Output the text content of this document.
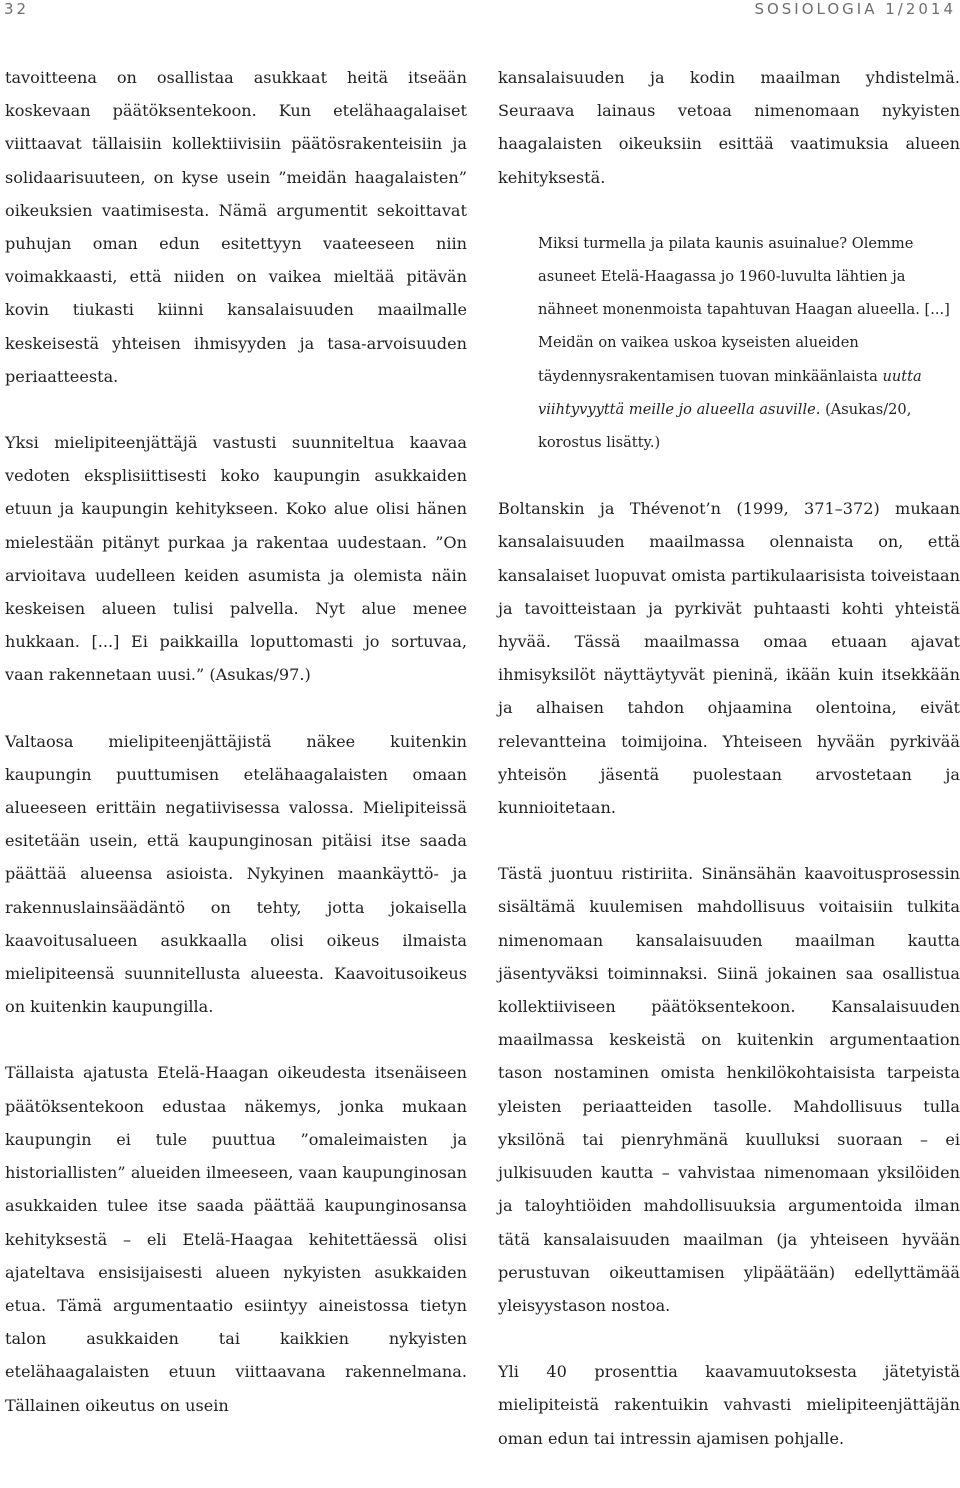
32	SOSIOLOGIA 1/2014

tavoitteena on osallistaa asukkaat heitä itseään koskevaan päätöksentekoon. Kun etelähaagalaiset viittaavat tällaisiin kollektiivisiin päätösrakenteisiin ja solidaarisuuteen, on kyse usein ”meidän haagalaisten” oikeuksien vaatimisesta. Nämä argumentit sekoittavat puhujan oman edun esitettyyn vaateeseen niin voimakkaasti, että niiden on vaikea mieltää pitävän kovin tiukasti kiinni kansalaisuuden maailmalle keskeisestä yhteisen ihmisyyden ja tasa-arvoisuuden periaatteesta.

Yksi mielipiteenjättäjä vastusti suunniteltua kaavaa vedoten eksplisiittisesti koko kaupungin asukkaiden etuun ja kaupungin kehitykseen. Koko alue olisi hänen mielestään pitänyt purkaa ja rakentaa uudestaan. ”On arvioitava uudelleen keiden asumista ja olemista näin keskeisen alueen tulisi palvella. Nyt alue menee hukkaan. [...] Ei paikkailla loputtomasti jo sortuvaa, vaan rakennetaan uusi.” (Asukas/97.)

Valtaosa mielipiteenjättäjistä näkee kuitenkin kaupungin puuttumisen etelähaagalaisten omaan alueeseen erittäin negatiivisessa valossa. Mielipiteissä esitetään usein, että kaupunginosan pitäisi itse saada päättää alueensa asioista. Nykyinen maankäyttö- ja rakennuslainsäädäntö on tehty, jotta jokaisella kaavoitusalueen asukkaalla olisi oikeus ilmaista mielipiteensä suunnitellusta alueesta. Kaavoitusoikeus on kuitenkin kaupungilla.

Tällaista ajatusta Etelä-Haagan oikeudesta itsenäiseen päätöksentekoon edustaa näkemys, jonka mukaan kaupungin ei tule puuttua ”omaleimaisten ja historiallisten” alueiden ilmeeseen, vaan kaupunginosan asukkaiden tulee itse saada päättää kaupunginosansa kehityksestä – eli Etelä-Haagaa kehitettäessä olisi ajateltava ensisijaisesti alueen nykyisten asukkaiden etua. Tämä argumentaatio esiintyy aineistossa tietyn talon asukkaiden tai kaikkien nykyisten etelähaagalaisten etuun viittaavana rakennelmana. Tällainen oikeutus on usein

kansalaisuuden ja kodin maailman yhdistelmä. Seuraava lainaus vetoaa nimenomaan nykyisten haagalaisten oikeuksiin esittää vaatimuksia alueen kehityksestä.

Miksi turmella ja pilata kaunis asuinalue? Olemme asuneet Etelä-Haagassa jo 1960-luvulta lähtien ja nähneet monenmoista tapahtuvan Haagan alueella. [...] Meidän on vaikea uskoa kyseisten alueiden täydennysrakentamisen tuovan minkäänlaista uutta viihtyvyyttä meille jo alueella asuville. (Asukas/20, korostus lisätty.)

Boltanskin ja Thévenot’n (1999, 371–372) mukaan kansalaisuuden maailmassa olennaista on, että kansalaiset luopuvat omista partikulaarisista toiveistaan ja tavoitteistaan ja pyrkivät puhtaasti kohti yhteistä hyvää. Tässä maailmassa omaa etuaan ajavat ihmisyksilöt näyttäytyvät pieninä, ikään kuin itsekkään ja alhaisen tahdon ohjaamina olentoina, eivät relevantteina toimijoina. Yhteiseen hyvään pyrkivää yhteisön jäsentä puolestaan arvostetaan ja kunnioitetaan.

Tästä juontuu ristiriita. Sinänsähän kaavoitusprosessin sisältämä kuulemisen mahdollisuus voitaisiin tulkita nimenomaan kansalaisuuden maailman kautta jäsentyväksi toiminnaksi. Siinä jokainen saa osallistua kollektiiviseen päätöksentekoon. Kansalaisuuden maailmassa keskeistä on kuitenkin argumentaation tason nostaminen omista henkilökohtaisista tarpeista yleisten periaatteiden tasolle. Mahdollisuus tulla yksilönä tai pienryhmänä kuulluksi suoraan – ei julkisuuden kautta – vahvistaa nimenomaan yksilöiden ja taloyhtiöiden mahdollisuuksia argumentoida ilman tätä kansalaisuuden maailman (ja yhteiseen hyvään perustuvan oikeuttamisen ylipäätään) edellyttämää yleisyystason nostoa.

Yli 40 prosenttia kaavamuutoksesta jätetyistä mielipiteistä rakentuikin vahvasti mielipiteenjättäjän oman edun tai intressin ajamisen pohjalle.
